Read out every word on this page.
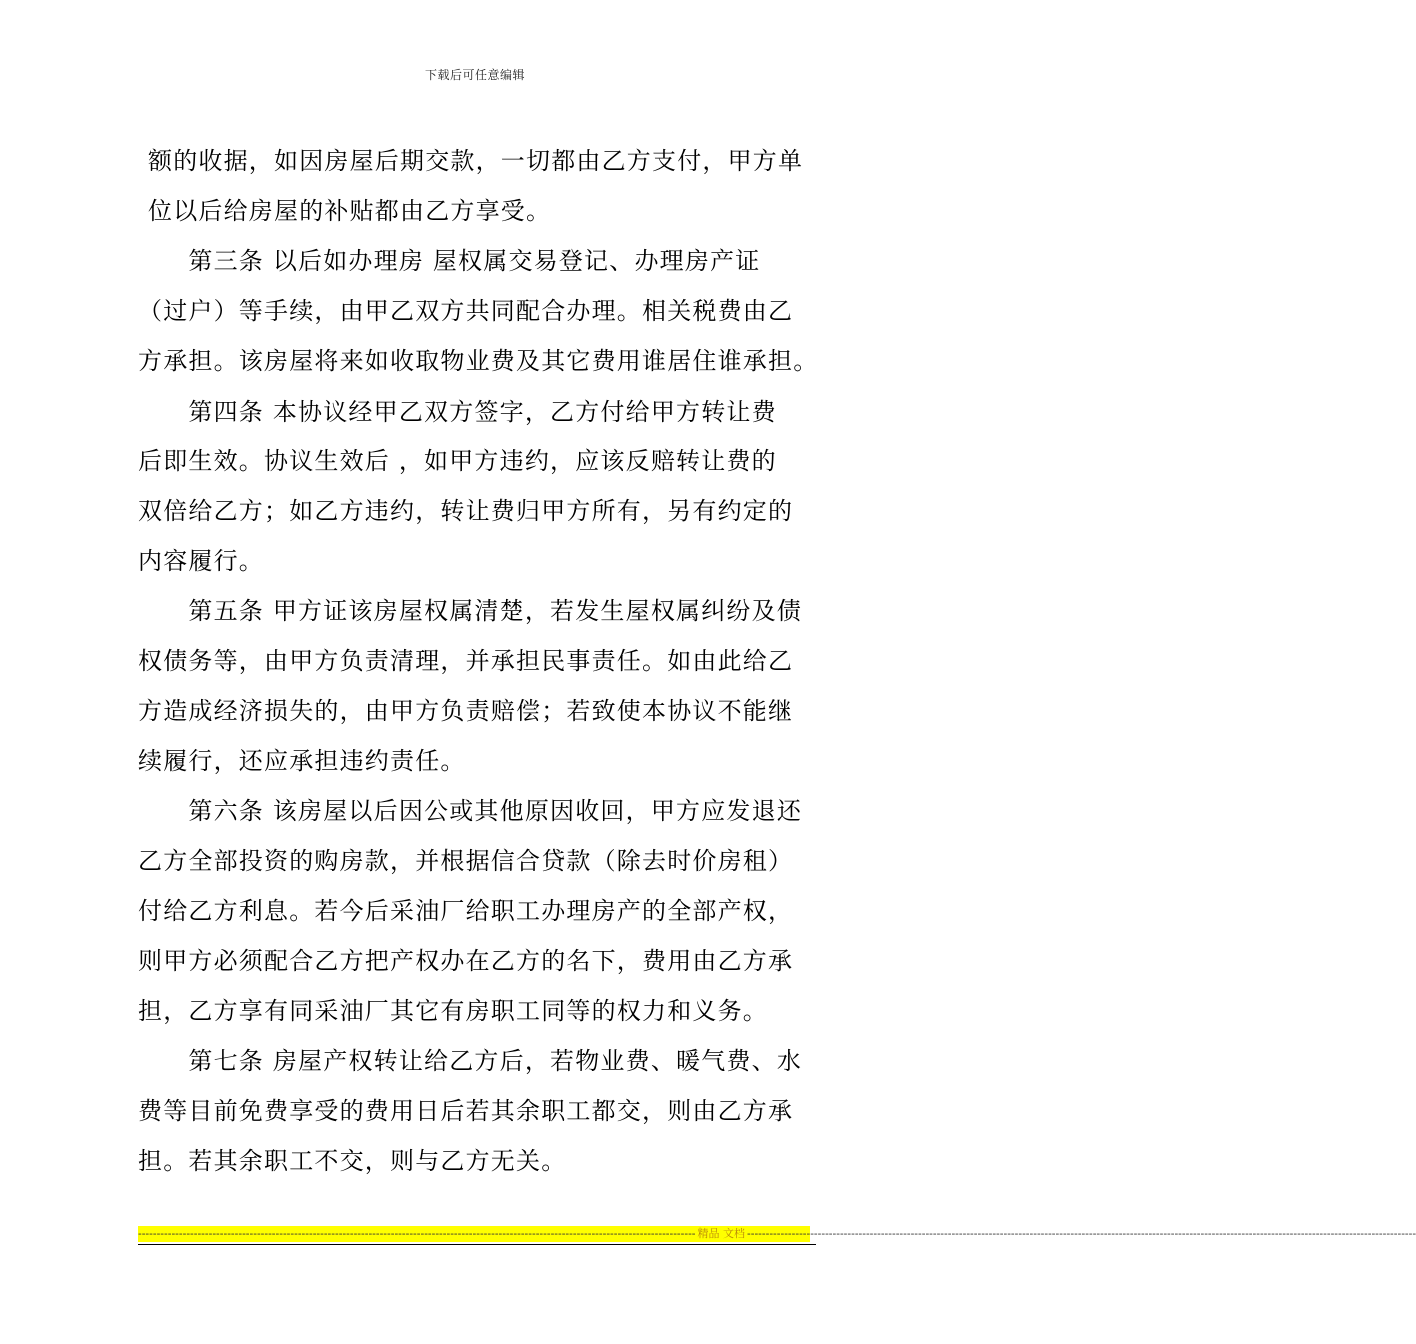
下载后可任意编辑
额的收据，如因房屋后期交款，一切都由乙方支付，甲方单
位以后给房屋的补贴都由乙方享受。
　　第三条 以后如办理房 屋权属交易登记、办理房产证
（过户）等手续，由甲乙双方共同配合办理。相关税费由乙
方承担。该房屋将来如收取物业费及其它费用谁居住谁承担。
　　第四条 本协议经甲乙双方签字，乙方付给甲方转让费
后即生效。协议生效后 ，如甲方违约，应该反赔转让费的
双倍给乙方；如乙方违约，转让费归甲方所有，另有约定的
内容履行。
　　第五条 甲方证该房屋权属清楚，若发生屋权属纠纷及债
权债务等，由甲方负责清理，并承担民事责任。如由此给乙
方造成经济损失的，由甲方负责赔偿；若致使本协议不能继
续履行，还应承担违约责任。
　　第六条 该房屋以后因公或其他原因收回，甲方应发退还
乙方全部投资的购房款，并根据信合贷款（除去时价房租）
付给乙方利息。若今后采油厂给职工办理房产的全部产权，
则甲方必须配合乙方把产权办在乙方的名下，费用由乙方承
担，乙方享有同采油厂其它有房职工同等的权力和义务。
　　第七条 房屋产权转让给乙方后，若物业费、暖气费、水
费等目前免费享受的费用日后若其余职工都交，则由乙方承
担。若其余职工不交，则与乙方无关。
------------------------------------------------------------------------------------------------------------------------------------------------------ 精品 文档 ------------------------------------------------------------------------------------------------------------------------------------------------------------------------------------
